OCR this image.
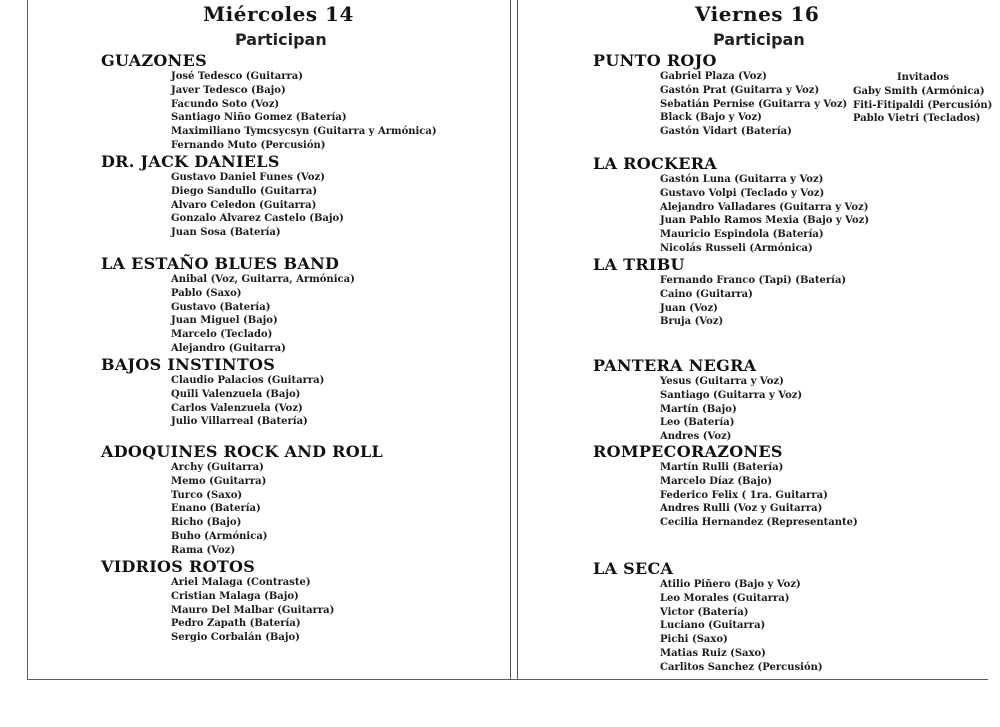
Miércoles 14
Participan
GUAZONES
José Tedesco (Guitarra)
Javer Tedesco (Bajo)
Facundo Soto (Voz)
Santiago Niño Gomez (Batería)
Maximiliano Tymcsycsyn (Guitarra y Armónica)
Fernando Muto (Percusión)
DR. JACK DANIELS
Gustavo Daniel Funes (Voz)
Diego Sandullo (Guitarra)
Alvaro Celedon (Guitarra)
Gonzalo Alvarez Castelo (Bajo)
Juan Sosa (Batería)
LA ESTAÑO BLUES BAND
Anibal (Voz, Guitarra, Armónica)
Pablo (Saxo)
Gustavo (Batería)
Juan Miguel (Bajo)
Marcelo (Teclado)
Alejandro (Guitarra)
BAJOS INSTINTOS
Claudio Palacios (Guitarra)
Quili Valenzuela (Bajo)
Carlos Valenzuela (Voz)
Julio Villarreal (Batería)
ADOQUINES ROCK AND ROLL
Archy (Guitarra)
Memo (Guitarra)
Turco (Saxo)
Enano (Batería)
Richo (Bajo)
Buho (Armónica)
Rama (Voz)
VIDRIOS ROTOS
Ariel Malaga (Contraste)
Cristian Malaga (Bajo)
Mauro Del Malbar (Guitarra)
Pedro Zapath (Batería)
Sergio Corbalán (Bajo)
Viernes 16
Participan
PUNTO ROJO
Gabriel Plaza (Voz)
Gastón Prat (Guitarra y Voz)
Sebatián Pernise (Guitarra y Voz)
Black (Bajo y Voz)
Gastón Vidart (Batería)
Invitados
Gaby Smith (Armónica)
Fiti-Fitipaldi (Percusión)
Pablo Vietri (Teclados)
LA ROCKERA
Gastón Luna (Guitarra y Voz)
Gustavo Volpi (Teclado y Voz)
Alejandro Valladares (Guitarra y Voz)
Juan Pablo Ramos Mexia (Bajo y Voz)
Mauricio Espindola (Batería)
Nicolás Russeli (Armónica)
LA TRIBU
Fernando Franco (Tapi) (Batería)
Caino (Guitarra)
Juan (Voz)
Bruja (Voz)
PANTERA NEGRA
Yesus (Guitarra y Voz)
Santiago (Guitarra y Voz)
Martín (Bajo)
Leo (Batería)
Andres (Voz)
ROMPECORAZONES
Martín Rulli (Batería)
Marcelo Díaz (Bajo)
Federico Felix ( 1ra. Guitarra)
Andres Rulli (Voz y Guitarra)
Cecilia Hernandez (Representante)
LA SECA
Atilio Piñero (Bajo y Voz)
Leo Morales (Guitarra)
Victor (Batería)
Luciano (Guitarra)
Pichi (Saxo)
Matias Ruiz (Saxo)
Carlitos Sanchez (Percusión)
